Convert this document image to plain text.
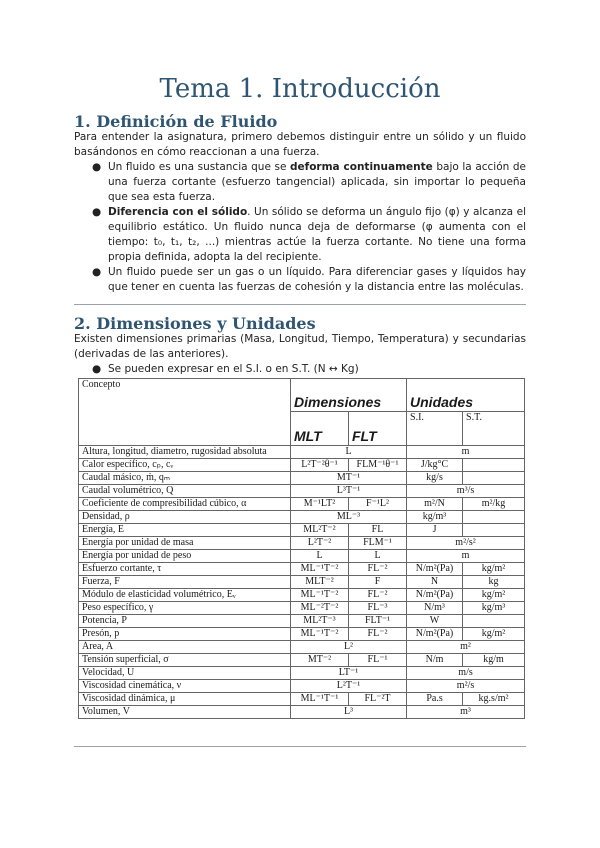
Tema 1. Introducción
1. Definición de Fluido
Para entender la asignatura, primero debemos distinguir entre un sólido y un fluido basándonos en cómo reaccionan a una fuerza.
● Un fluido es una sustancia que se deforma continuamente bajo la acción de una fuerza cortante (esfuerzo tangencial) aplicada, sin importar lo pequeña que sea esta fuerza.
● Diferencia con el sólido. Un sólido se deforma un ángulo fijo (φ) y alcanza el equilibrio estático. Un fluido nunca deja de deformarse (φ aumenta con el tiempo: t₀, t₁, t₂, ...) mientras actúe la fuerza cortante. No tiene una forma propia definida, adopta la del recipiente.
● Un fluido puede ser un gas o un líquido. Para diferenciar gases y líquidos hay que tener en cuenta las fuerzas de cohesión y la distancia entre las moléculas.
2. Dimensiones y Unidades
Existen dimensiones primarias (Masa, Longitud, Tiempo, Temperatura) y secundarias (derivadas de las anteriores).
● Se pueden expresar en el S.I. o en S.T. (N ↔ Kg)
Concepto	Dimensiones		Unidades	
	MLT	FLT	S.I.	S.T.

Altura, longitud, diametro, rugosidad absoluta	L		m	
Calor específico, cₚ, cᵥ	L²T⁻²θ⁻¹	FLM⁻¹θ⁻¹	J/kg°C	
Caudal másico, ṁ, qₘ	MT⁻¹		kg/s	
Caudal volumétrico, Q	L³T⁻¹		m³/s	
Coeficiente de compresibilidad cúbico, α	M⁻¹LT²	F⁻¹L²	m²/N	m²/kg
Densidad, ρ	ML⁻³		kg/m³	
Energía, E	ML²T⁻²	FL	J	
Energía por unidad de masa	L²T⁻²	FLM⁻¹	m²/s²	
Energía por unidad de peso	L	L	m	
Esfuerzo cortante, τ	ML⁻¹T⁻²	FL⁻²	N/m²(Pa)	kg/m²
Fuerza, F	MLT⁻²	F	N	kg
Módulo de elasticidad volumétrico, Eᵥ	ML⁻¹T⁻²	FL⁻²	N/m²(Pa)	kg/m²
Peso específico, γ	ML⁻²T⁻²	FL⁻³	N/m³	kg/m³
Potencia, P	ML²T⁻³	FLT⁻¹	W	
Presón, p	ML⁻¹T⁻²	FL⁻²	N/m²(Pa)	kg/m²
Área, A	L²		m²	
Tensión superficial, σ	MT⁻²	FL⁻¹	N/m	kg/m
Velocidad, U	LT⁻¹		m/s	
Viscosidad cinemática, ν	L²T⁻¹		m²/s	
Viscosidad dinámica, μ	ML⁻¹T⁻¹	FL⁻²T	Pa.s	kg.s/m²
Volumen, V	L³		m³	
